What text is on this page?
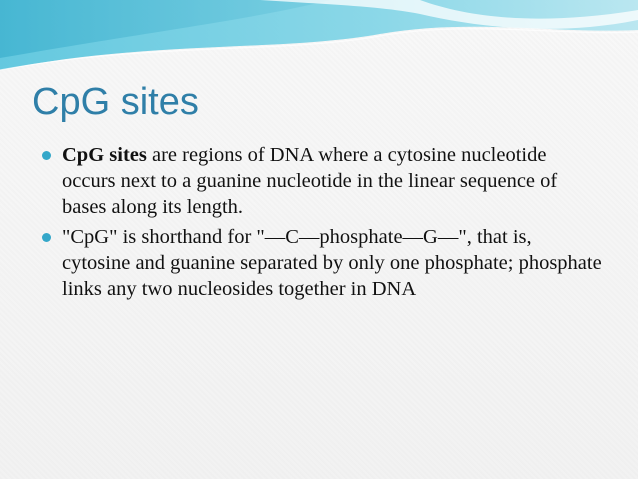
CpG sites
CpG sites are regions of DNA where a cytosine nucleotide occurs next to a guanine nucleotide in the linear sequence of bases along its length.
"CpG" is shorthand for "—C—phosphate—G—", that is, cytosine and guanine separated by only one phosphate; phosphate links any two nucleosides together in DNA
